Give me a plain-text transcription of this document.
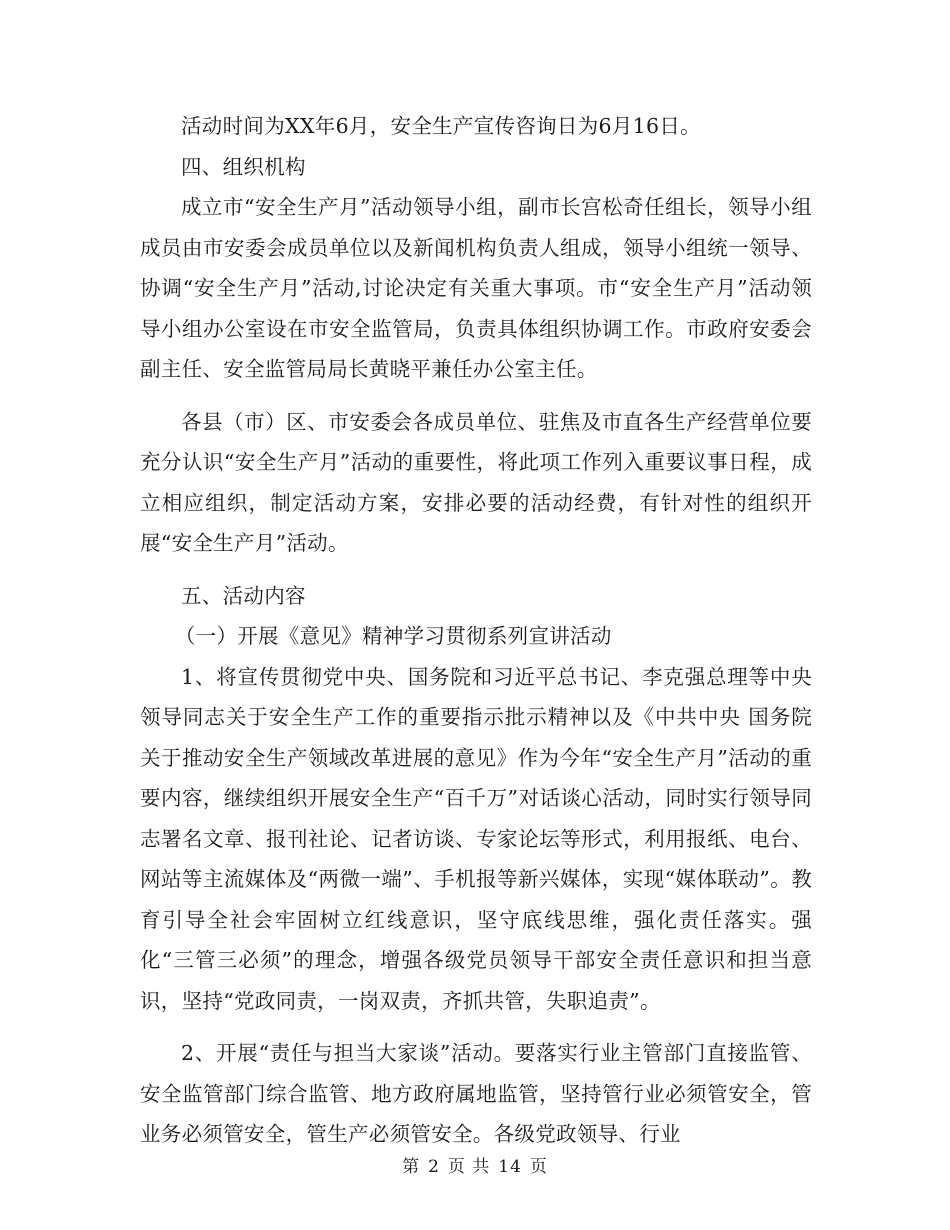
活动时间为XX年6月，安全生产宣传咨询日为6月16日。

四、组织机构

成立市“安全生产月”活动领导小组，副市长宫松奇任组长，领导小组成员由市安委会成员单位以及新闻机构负责人组成，领导小组统一领导、协调“安全生产月”活动,讨论决定有关重大事项。市“安全生产月”活动领导小组办公室设在市安全监管局，负责具体组织协调工作。市政府安委会副主任、安全监管局局长黄晓平兼任办公室主任。

各县（市）区、市安委会各成员单位、驻焦及市直各生产经营单位要充分认识“安全生产月”活动的重要性，将此项工作列入重要议事日程，成立相应组织，制定活动方案，安排必要的活动经费，有针对性的组织开展“安全生产月”活动。

五、活动内容

（一）开展《意见》精神学习贯彻系列宣讲活动

1、将宣传贯彻党中央、国务院和习近平总书记、李克强总理等中央领导同志关于安全生产工作的重要指示批示精神以及《中共中央 国务院关于推动安全生产领域改革进展的意见》作为今年“安全生产月”活动的重要内容，继续组织开展安全生产“百千万”对话谈心活动，同时实行领导同志署名文章、报刊社论、记者访谈、专家论坛等形式，利用报纸、电台、网站等主流媒体及“两微一端”、手机报等新兴媒体，实现“媒体联动”。教育引导全社会牢固树立红线意识，坚守底线思维，强化责任落实。强化“三管三必须”的理念，增强各级党员领导干部安全责任意识和担当意识，坚持“党政同责，一岗双责，齐抓共管，失职追责”。

2、开展“责任与担当大家谈”活动。要落实行业主管部门直接监管、安全监管部门综合监管、地方政府属地监管，坚持管行业必须管安全，管业务必须管安全，管生产必须管安全。各级党政领导、行业

第 2 页 共 14 页
